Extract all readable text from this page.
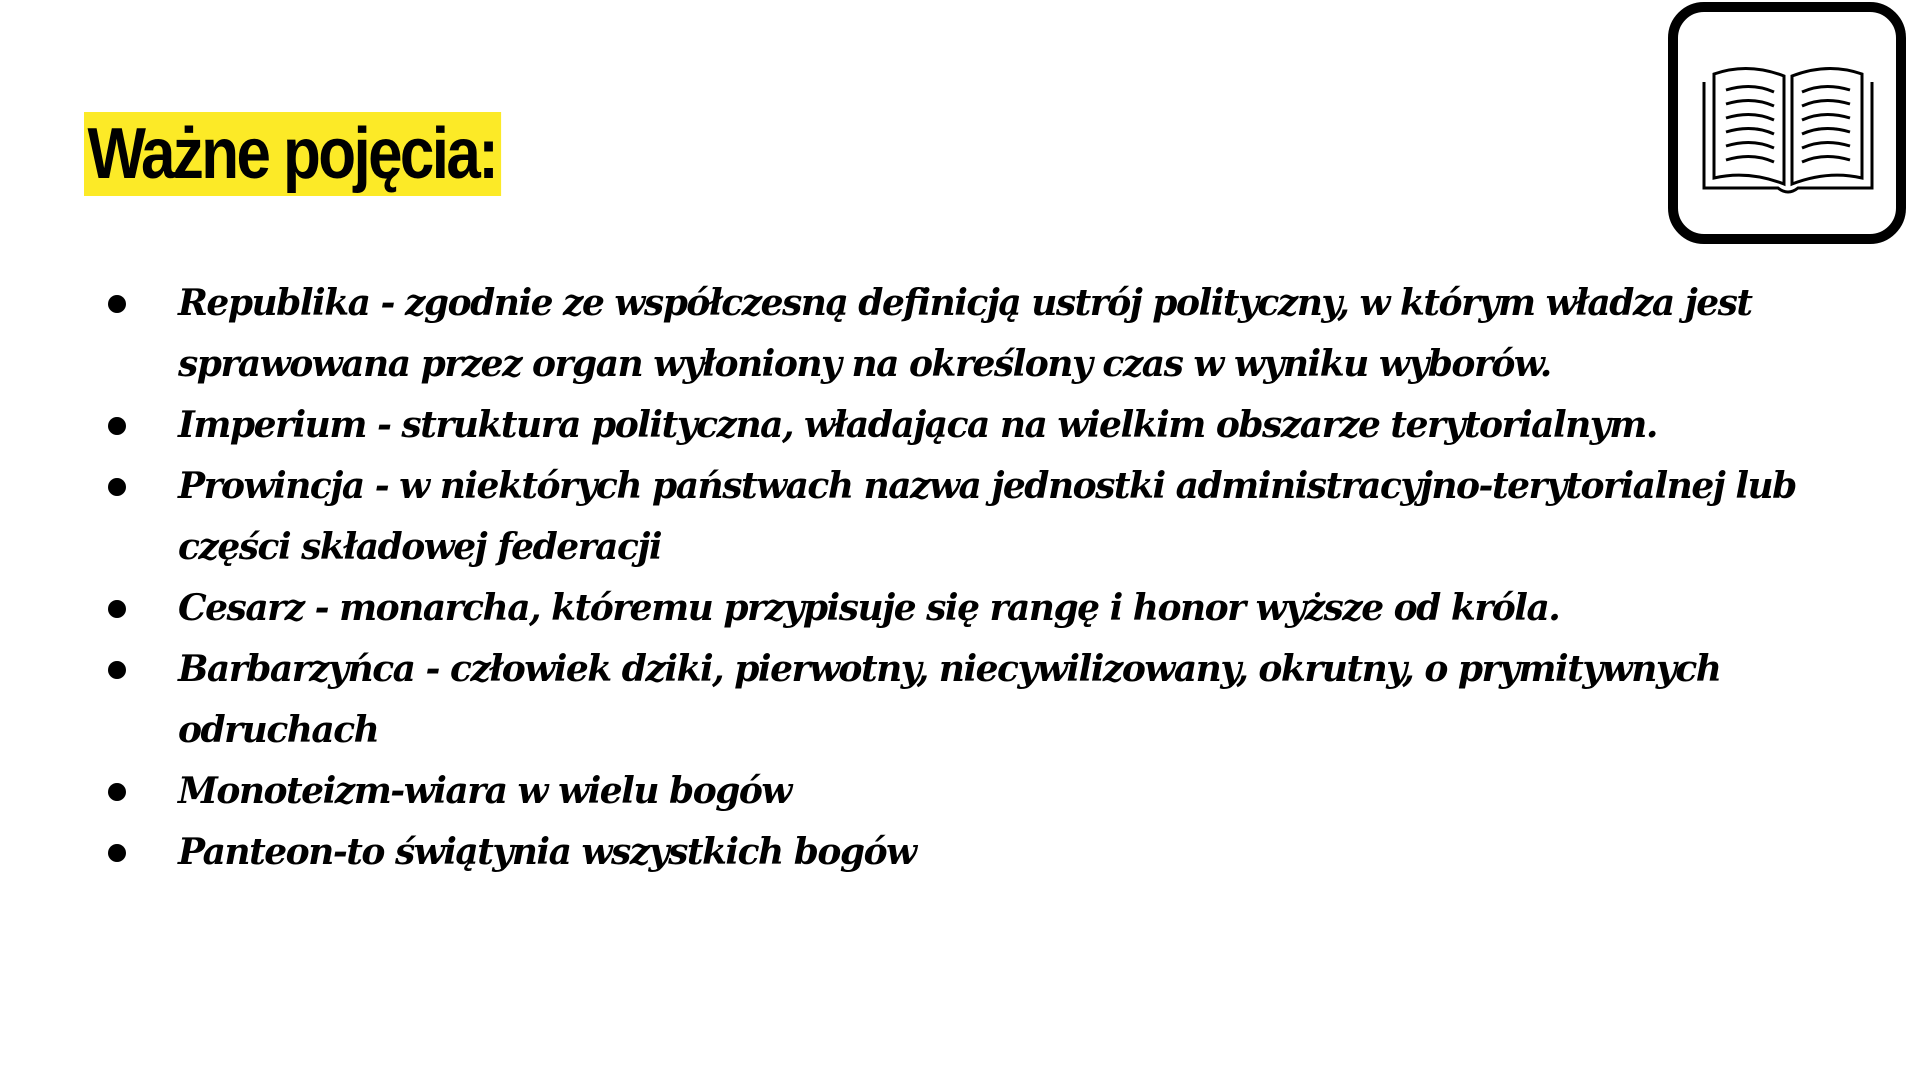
Ważne pojęcia:
Republika - zgodnie ze współczesną definicją ustrój polityczny, w którym władza jest sprawowana przez organ wyłoniony na określony czas w wyniku wyborów.
Imperium - struktura polityczna, władająca na wielkim obszarze terytorialnym.
Prowincja - w niektórych państwach nazwa jednostki administracyjno-terytorialnej lub części składowej federacji
Cesarz - monarcha, któremu przypisuje się rangę i honor wyższe od króla.
Barbarzyńca - człowiek dziki, pierwotny, niecywilizowany, okrutny, o prymitywnych odruchach
Monoteizm-wiara w wielu bogów
Panteon-to świątynia wszystkich bogów
